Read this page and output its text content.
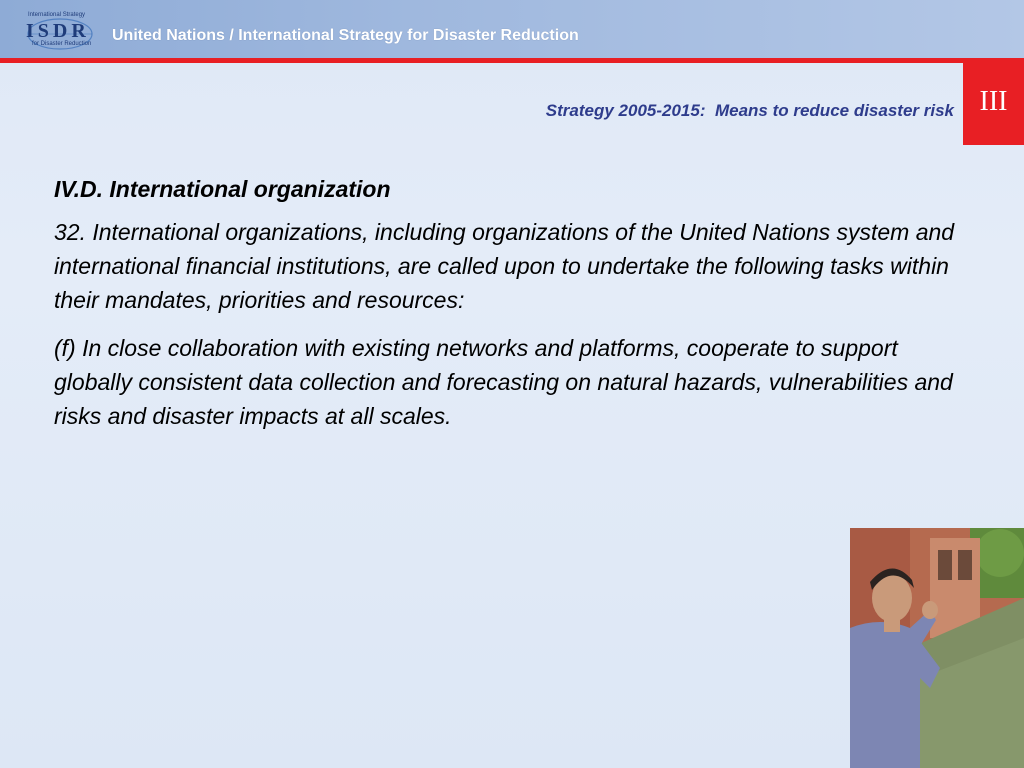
International Strategy
ISDR
for Disaster Reduction United Nations / International Strategy for Disaster Reduction
III
Strategy 2005-2015:  Means to reduce disaster risk
IV.D. International organization

32. International organizations, including organizations of the United Nations system and international financial institutions, are called upon to undertake the following tasks within their mandates, priorities and resources:

(f) In close collaboration with existing networks and platforms, cooperate to support globally consistent data collection and forecasting on natural hazards, vulnerabilities and risks and disaster impacts at all scales.
